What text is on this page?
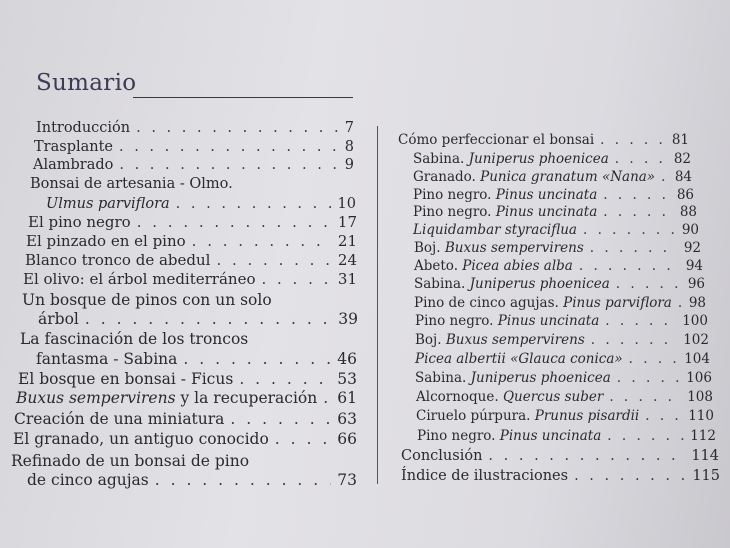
Sumario
Introducción . . .	7
Trasplante . . .	8
Alambrado . . .	9
Bonsai de artesania - Olmo.
Ulmus parviflora . . .	10
El pino negro . . .	17
El pinzado en el pino . . .	21
Blanco tronco de abedul . . .	24
El olivo: el árbol mediterráneo . . .	31
Un bosque de pinos con un solo
árbol . . .	39
La fascinación de los troncos
fantasma - Sabina . . .	46
El bosque en bonsai - Ficus . . .	53
Buxus sempervirens y la recuperación . . . 61
Creación de una miniatura . . .	63
El granado, un antiguo conocido . . .	66
Refinado de un bonsai de pino
de cinco agujas . . .	73
Cómo perfeccionar el bonsai . . .	81
Sabina. Juniperus phoenicea . . .	82
Granado. Punica granatum «Nana» . . . 84
Pino negro. Pinus uncinata . . .	86
Pino negro. Pinus uncinata . . .	88
Liquidambar styraciflua . . .	90
Boj. Buxus sempervirens . . .	92
Abeto. Picea abies alba . . .	94
Sabina. Juniperus phoenicea . . .	96
Pino de cinco agujas. Pinus parviflora . . . 98
Pino negro. Pinus uncinata . . .	100
Boj. Buxus sempervirens . . .	102
Picea albertii «Glauca conica» . . .	104
Sabina. Juniperus phoenicea . . .	106
Alcornoque. Quercus suber . . .	108
Ciruelo púrpura. Prunus pisardii . . .	110
Pino negro. Pinus uncinata . . .	112
Conclusión . . .	114
Índice de ilustraciones . . .	115
